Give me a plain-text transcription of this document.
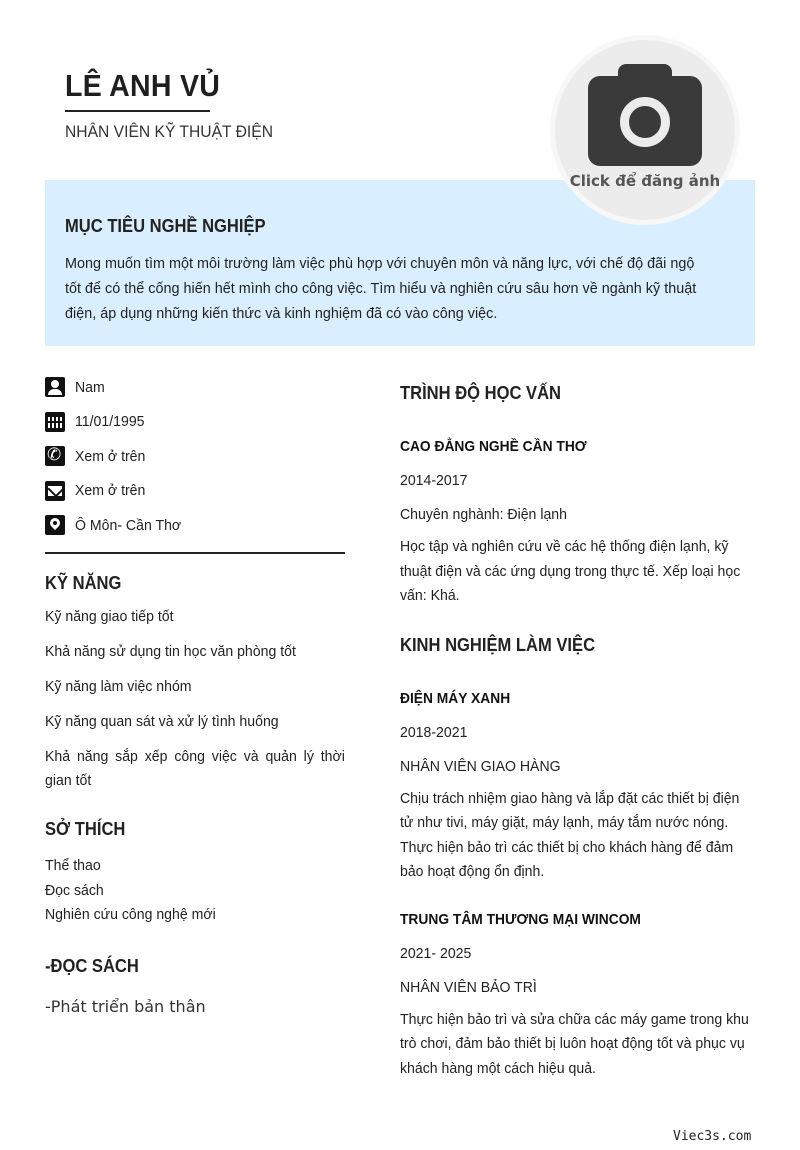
LÊ ANH VỦ
NHÂN VIÊN KỸ THUẬT ĐIỆN
MỤC TIÊU NGHỀ NGHIỆP
Mong muốn tìm một môi trường làm việc phù hợp với chuyên môn và năng lực, với chế độ đãi ngộ tốt để có thể cống hiến hết mình cho công việc. Tìm hiểu và nghiên cứu sâu hơn về ngành kỹ thuật điện, áp dụng những kiến thức và kinh nghiệm đã có vào công việc.
Click để đăng ảnh
Nam
11/01/1995
✆
Xem ở trên
Xem ở trên
Ô Môn- Cần Thơ
KỸ NĂNG
Kỹ năng giao tiếp tốt
Khả năng sử dụng tin học văn phòng tốt
Kỹ năng làm việc nhóm
Kỹ năng quan sát và xử lý tình huống
Khả năng sắp xếp công việc và quản lý thời gian tốt
SỞ THÍCH
Thể thao
Đọc sách
Nghiên cứu công nghệ mới
-ĐỌC SÁCH
-Phát triển bản thân
TRÌNH ĐỘ HỌC VẤN
CAO ĐẲNG NGHỀ CẦN THƠ
2014-2017
Chuyên nghành: Điện lạnh
Học tập và nghiên cứu về các hệ thống điện lạnh, kỹ thuật điện và các ứng dụng trong thực tế. Xếp loại học vấn: Khá.
KINH NGHIỆM LÀM VIỆC
ĐIỆN MÁY XANH
2018-2021
NHÂN VIÊN GIAO HÀNG
Chịu trách nhiệm giao hàng và lắp đặt các thiết bị điện tử như tivi, máy giặt, máy lạnh, máy tắm nước nóng. Thực hiện bảo trì các thiết bị cho khách hàng để đảm bảo hoạt động ổn định.
TRUNG TÂM THƯƠNG MẠI WINCOM
2021- 2025
NHÂN VIÊN BẢO TRÌ
Thực hiện bảo trì và sửa chữa các máy game trong khu trò chơi, đảm bảo thiết bị luôn hoạt động tốt và phục vụ khách hàng một cách hiệu quả.
Viec3s.com
